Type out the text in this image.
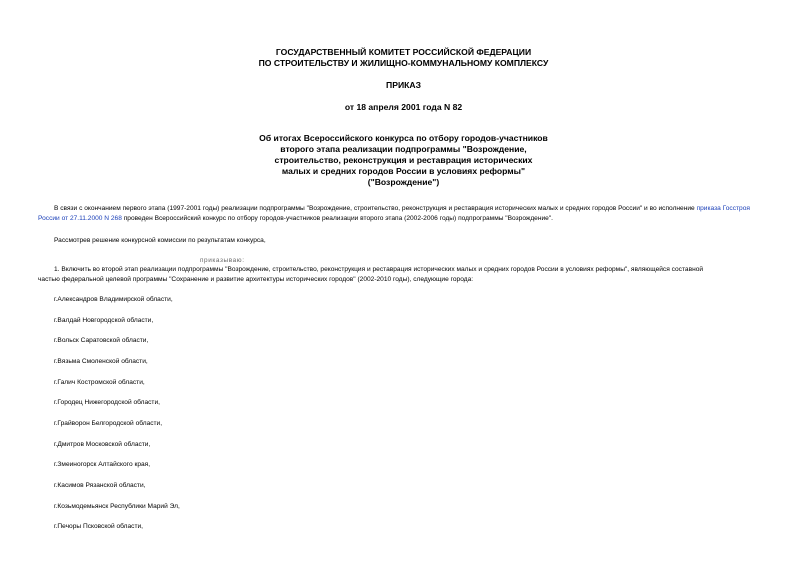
ГОСУДАРСТВЕННЫЙ КОМИТЕТ РОССИЙСКОЙ ФЕДЕРАЦИИ
ПО СТРОИТЕЛЬСТВУ И ЖИЛИЩНО-КОММУНАЛЬНОМУ КОМПЛЕКСУ
ПРИКАЗ
от 18 апреля 2001 года N 82
Об итогах Всероссийского конкурса по отбору городов-участников
второго этапа реализации подпрограммы "Возрождение,
строительство, реконструкция и реставрация исторических
малых и средних городов России в условиях реформы"
("Возрождение")
В связи с окончанием первого этапа (1997-2001 годы) реализации подпрограммы "Возрождение, строительство, реконструкция и реставрация исторических малых и средних городов России" и во исполнение приказа Госстроя России от 27.11.2000 N 268 проведен Всероссийский конкурс по отбору городов-участников реализации второго этапа (2002-2006 годы) подпрограммы "Возрождение".
Рассмотрев решение конкурсной комиссии по результатам конкурса,
приказываю:
1. Включить во второй этап реализации подпрограммы "Возрождение, строительство, реконструкция и реставрация исторических малых и средних городов России в условиях реформы", являющейся составной
частью федеральной целевой программы "Сохранение и развитие архитектуры исторических городов" (2002-2010 годы), следующие города:
г.Александров Владимирской области,
г.Валдай Новгородской области,
г.Вольск Саратовской области,
г.Вязьма Смоленской области,
г.Галич Костромской области,
г.Городец Нижегородской области,
г.Грайворон Белгородской области,
г.Дмитров Московской области,
г.Змеиногорск Алтайского края,
г.Касимов Рязанской области,
г.Козьмодемьянск Республики Марий Эл,
г.Печоры Псковской области,
